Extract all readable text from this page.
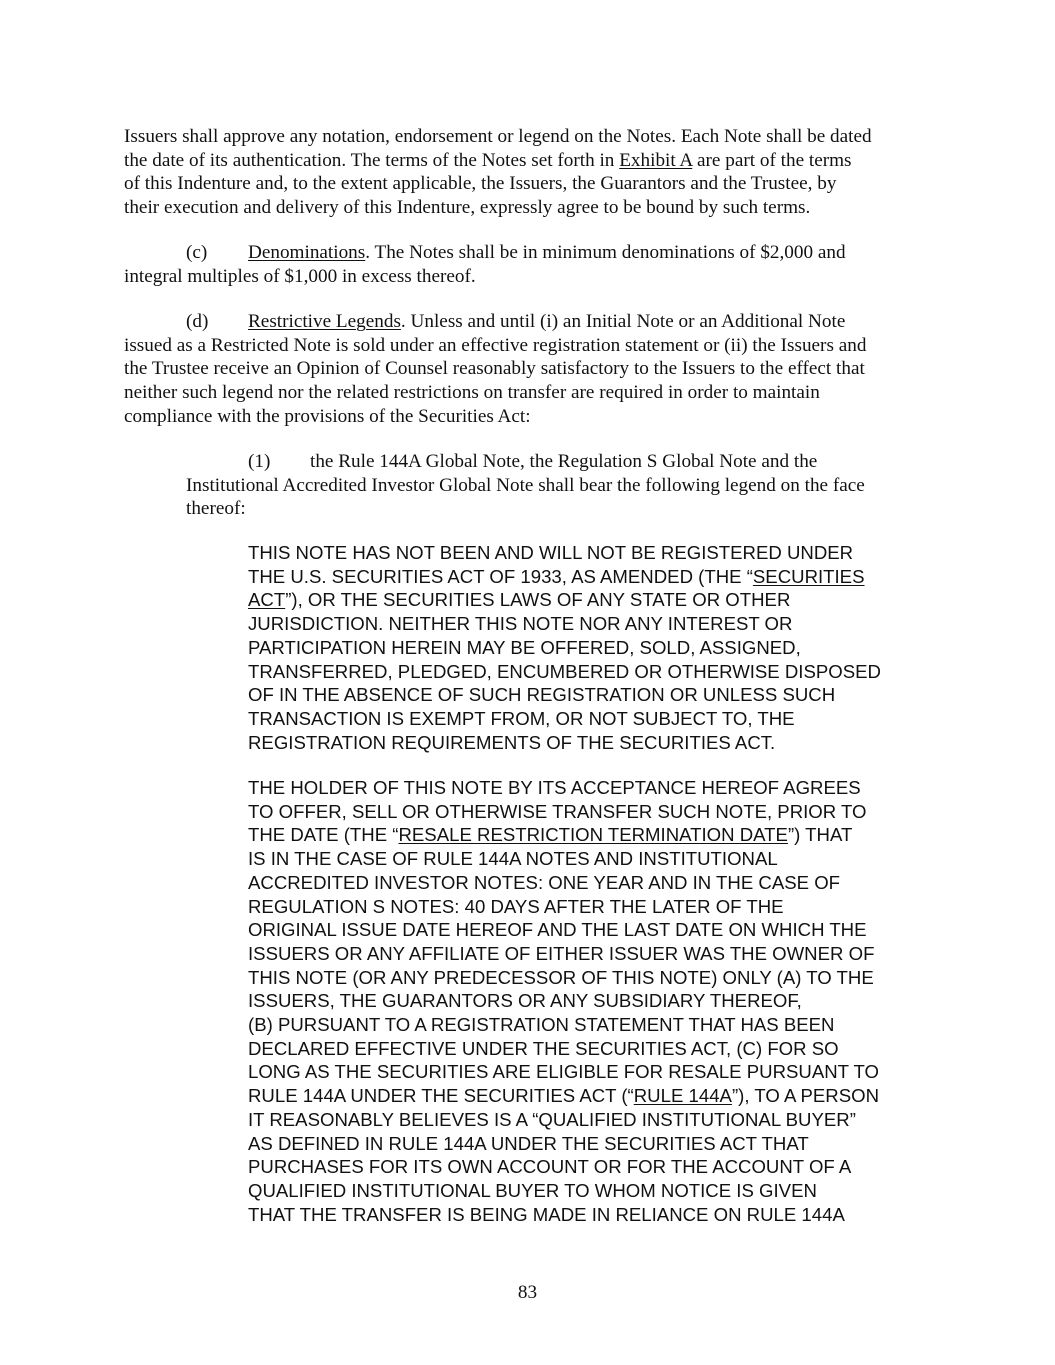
Issuers shall approve any notation, endorsement or legend on the Notes. Each Note shall be dated
the date of its authentication. The terms of the Notes set forth in Exhibit A are part of the terms
of this Indenture and, to the extent applicable, the Issuers, the Guarantors and the Trustee, by
their execution and delivery of this Indenture, expressly agree to be bound by such terms.

(c) Denominations. The Notes shall be in minimum denominations of $2,000 and
integral multiples of $1,000 in excess thereof.

(d) Restrictive Legends. Unless and until (i) an Initial Note or an Additional Note
issued as a Restricted Note is sold under an effective registration statement or (ii) the Issuers and
the Trustee receive an Opinion of Counsel reasonably satisfactory to the Issuers to the effect that
neither such legend nor the related restrictions on transfer are required in order to maintain
compliance with the provisions of the Securities Act:

(1) the Rule 144A Global Note, the Regulation S Global Note and the
Institutional Accredited Investor Global Note shall bear the following legend on the face
thereof:

THIS NOTE HAS NOT BEEN AND WILL NOT BE REGISTERED UNDER
THE U.S. SECURITIES ACT OF 1933, AS AMENDED (THE “SECURITIES
ACT”), OR THE SECURITIES LAWS OF ANY STATE OR OTHER
JURISDICTION. NEITHER THIS NOTE NOR ANY INTEREST OR
PARTICIPATION HEREIN MAY BE OFFERED, SOLD, ASSIGNED,
TRANSFERRED, PLEDGED, ENCUMBERED OR OTHERWISE DISPOSED
OF IN THE ABSENCE OF SUCH REGISTRATION OR UNLESS SUCH
TRANSACTION IS EXEMPT FROM, OR NOT SUBJECT TO, THE
REGISTRATION REQUIREMENTS OF THE SECURITIES ACT.

THE HOLDER OF THIS NOTE BY ITS ACCEPTANCE HEREOF AGREES
TO OFFER, SELL OR OTHERWISE TRANSFER SUCH NOTE, PRIOR TO
THE DATE (THE “RESALE RESTRICTION TERMINATION DATE”) THAT
IS IN THE CASE OF RULE 144A NOTES AND INSTITUTIONAL
ACCREDITED INVESTOR NOTES: ONE YEAR AND IN THE CASE OF
REGULATION S NOTES: 40 DAYS AFTER THE LATER OF THE
ORIGINAL ISSUE DATE HEREOF AND THE LAST DATE ON WHICH THE
ISSUERS OR ANY AFFILIATE OF EITHER ISSUER WAS THE OWNER OF
THIS NOTE (OR ANY PREDECESSOR OF THIS NOTE) ONLY (A) TO THE
ISSUERS, THE GUARANTORS OR ANY SUBSIDIARY THEREOF,
(B) PURSUANT TO A REGISTRATION STATEMENT THAT HAS BEEN
DECLARED EFFECTIVE UNDER THE SECURITIES ACT, (C) FOR SO
LONG AS THE SECURITIES ARE ELIGIBLE FOR RESALE PURSUANT TO
RULE 144A UNDER THE SECURITIES ACT (“RULE 144A”), TO A PERSON
IT REASONABLY BELIEVES IS A “QUALIFIED INSTITUTIONAL BUYER”
AS DEFINED IN RULE 144A UNDER THE SECURITIES ACT THAT
PURCHASES FOR ITS OWN ACCOUNT OR FOR THE ACCOUNT OF A
QUALIFIED INSTITUTIONAL BUYER TO WHOM NOTICE IS GIVEN
THAT THE TRANSFER IS BEING MADE IN RELIANCE ON RULE 144A

83
